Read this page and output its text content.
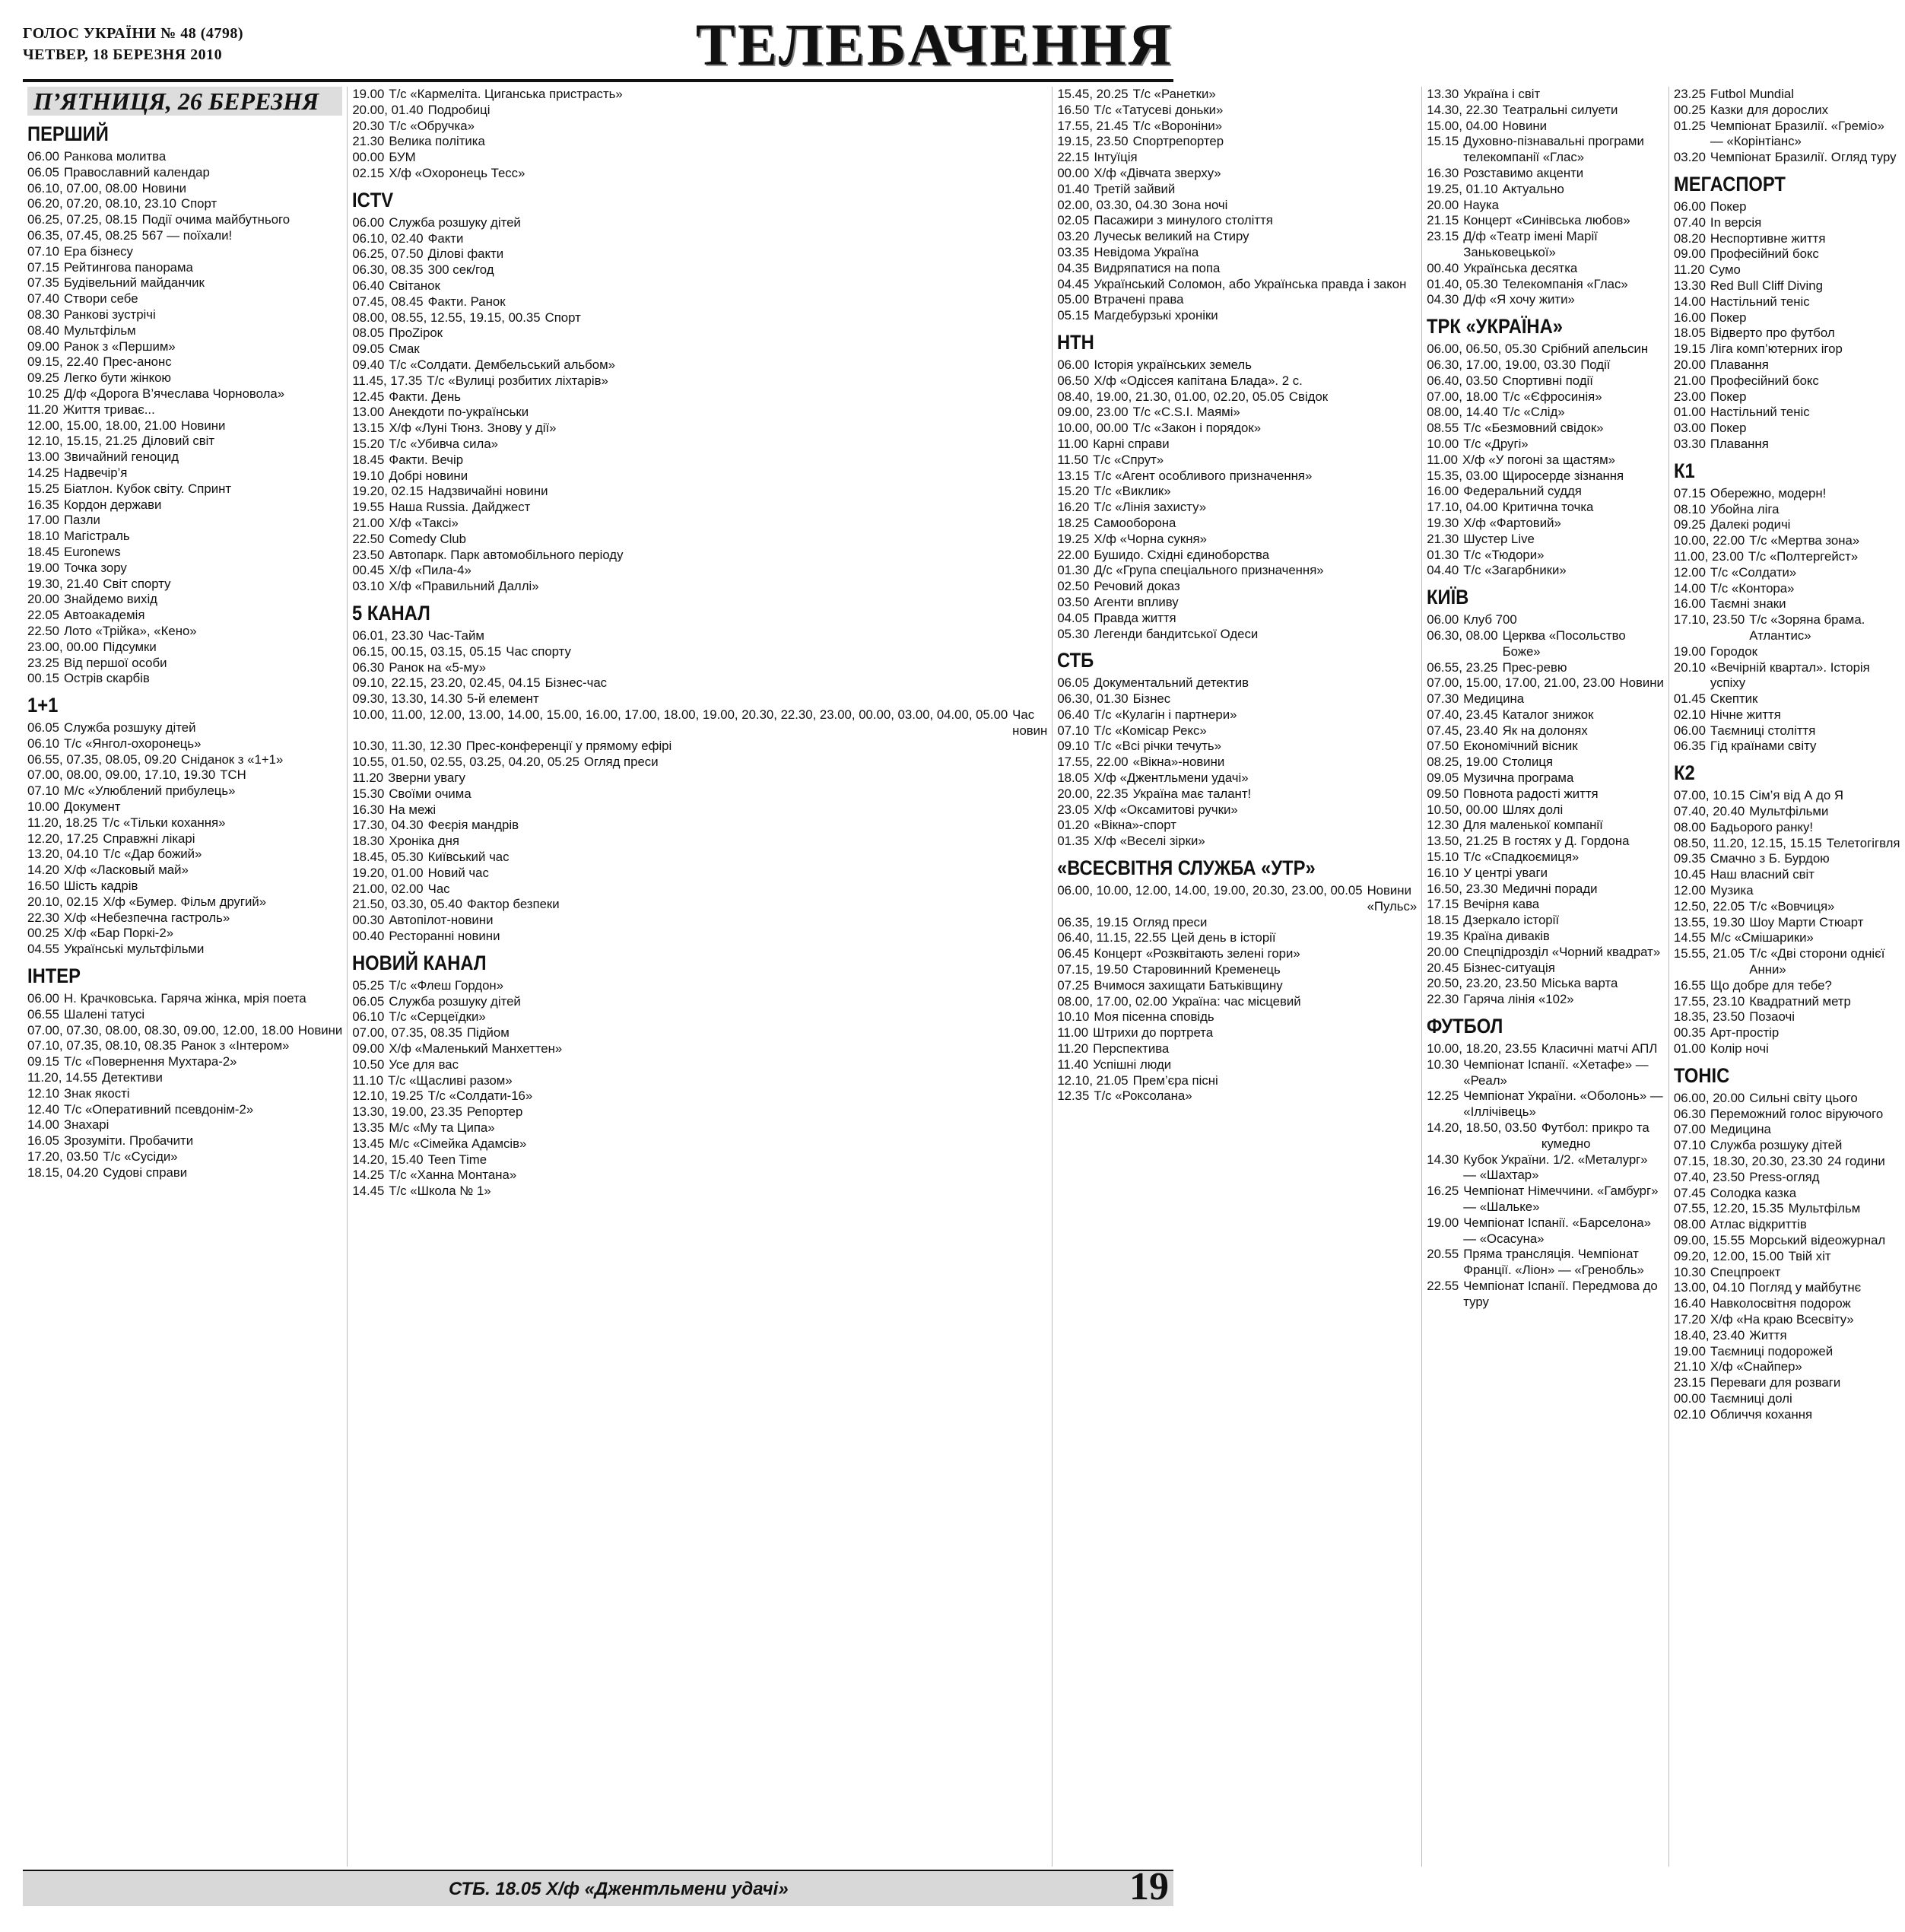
ГОЛОС УКРАЇНИ № 48 (4798)
ЧЕТВЕР, 18 БЕРЕЗНЯ 2010	ТЕЛЕБАЧЕННЯ
П’ЯТНИЦЯ, 26 БЕРЕЗНЯ
ПЕРШИЙ
06.00 Ранкова молитва
06.05 Православний календар
06.10, 07.00, 08.00 Новини
06.20, 07.20, 08.10, 23.10 Спорт
06.25, 07.25, 08.15 Події очима майбутнього
06.35, 07.45, 08.25 567 — поїхали!
07.10 Ера бізнесу
07.15 Рейтингова панорама
07.35 Будівельний майданчик
07.40 Створи себе
08.30 Ранкові зустрічі
08.40 Мультфільм
09.00 Ранок з «Першим»
09.15, 22.40 Прес-анонс
09.25 Легко бути жінкою
10.25 Д/ф «Дорога В’ячеслава Чорновола»
11.20 Життя триває...
12.00, 15.00, 18.00, 21.00 Новини
12.10, 15.15, 21.25 Діловий світ
13.00 Звичайний геноцид
14.25 Надвечір’я
15.25 Біатлон. Кубок світу. Спринт
16.35 Кордон держави
17.00 Пазли
18.10 Магістраль
18.45 Euronews
19.00 Точка зору
19.30, 21.40 Світ спорту
20.00 Знайдемо вихід
22.05 Автоакадемія
22.50 Лото «Трійка», «Кено»
23.00, 00.00 Підсумки
23.25 Від першої особи
00.15 Острів скарбів
1+1
06.05 Служба розшуку дітей
06.10 Т/с «Янгол-охоронець»
06.55, 07.35, 08.05, 09.20 Сніданок з «1+1»
07.00, 08.00, 09.00, 17.10, 19.30 ТСН
07.10 М/с «Улюблений прибулець»
10.00 Документ
11.20, 18.25 Т/с «Тільки кохання»
12.20, 17.25 Справжні лікарі
13.20, 04.10 Т/с «Дар божий»
14.20 Х/ф «Ласковый май»
16.50 Шість кадрів
20.10, 02.15 Х/ф «Бумер. Фільм другий»
22.30 Х/ф «Небезпечна гастроль»
00.25 Х/ф «Бар Поркі-2»
04.55 Українські мультфільми
ІНТЕР
06.00 Н. Крачковська. Гаряча жінка, мрія поета
06.55 Шалені татусі
07.00, 07.30, 08.00, 08.30, 09.00, 12.00, 18.00 Новини
07.10, 07.35, 08.10, 08.35 Ранок з «Інтером»
09.15 Т/с «Повернення Мухтара-2»
11.20, 14.55 Детективи
12.10 Знак якості
12.40 Т/с «Оперативний псевдонім-2»
14.00 Знахарі
16.05 Зрозуміти. Пробачити
17.20, 03.50 Т/с «Сусіди»
18.15, 04.20 Судові справи
19.00 Т/с «Кармеліта. Циганська пристрасть»
20.00, 01.40 Подробиці
20.30 Т/с «Обручка»
21.30 Велика політика
00.00 БУМ
02.15 Х/ф «Охоронець Тесс»
ICTV
06.00 Служба розшуку дітей
06.10, 02.40 Факти
06.25, 07.50 Ділові факти
06.30, 08.35 300 сек/год
06.40 Світанок
07.45, 08.45 Факти. Ранок
08.00, 08.55, 12.55, 19.15, 00.35 Спорт
08.05 ПроZірок
09.05 Смак
09.40 Т/с «Солдати. Дембельський альбом»
11.45, 17.35 Т/с «Вулиці розбитих ліхтарів»
12.45 Факти. День
13.00 Анекдоти по-українськи
13.15 Х/ф «Луні Тюнз. Знову у дії»
15.20 Т/с «Убивча сила»
18.45 Факти. Вечір
19.10 Добрі новини
19.20, 02.15 Надзвичайні новини
19.55 Наша Russia. Дайджест
21.00 Х/ф «Таксі»
22.50 Comedy Club
23.50 Автопарк. Парк автомобільного періоду
00.45 Х/ф «Пила-4»
03.10 Х/ф «Правильний Даллі»
5 КАНАЛ
06.01, 23.30 Час-Тайм
06.15, 00.15, 03.15, 05.15 Час спорту
06.30 Ранок на «5-му»
09.10, 22.15, 23.20, 02.45, 04.15 Бізнес-час
09.30, 13.30, 14.30 5-й елемент
10.00, 11.00, 12.00, 13.00, 14.00, 15.00, 16.00, 17.00, 18.00, 19.00, 20.30, 22.30, 23.00, 00.00, 03.00, 04.00, 05.00 Час новин
10.30, 11.30, 12.30 Прес-конференції у прямому ефірі
10.55, 01.50, 02.55, 03.25, 04.20, 05.25 Огляд преси
11.20 Зверни увагу
15.30 Своїми очима
16.30 На межі
17.30, 04.30 Феєрія мандрів
18.30 Хроніка дня
18.45, 05.30 Київський час
19.20, 01.00 Новий час
21.00, 02.00 Час
21.50, 03.30, 05.40 Фактор безпеки
00.30 Автопілот-новини
00.40 Ресторанні новини
НОВИЙ КАНАЛ
05.25 Т/с «Флеш Гордон»
06.05 Служба розшуку дітей
06.10 Т/с «Серцеїдки»
07.00, 07.35, 08.35 Підйом
09.00 Х/ф «Маленький Манхеттен»
10.50 Усе для вас
11.10 Т/с «Щасливі разом»
12.10, 19.25 Т/с «Солдати-16»
13.30, 19.00, 23.35 Репортер
13.35 М/с «Му та Ципа»
13.45 М/с «Сімейка Адамсів»
14.20, 15.40 Teen Time
14.25 Т/с «Ханна Монтана»
14.45 Т/с «Школа № 1»
15.45, 20.25 Т/с «Ранетки»
16.50 Т/с «Татусеві доньки»
17.55, 21.45 Т/с «Вороніни»
19.15, 23.50 Спортрепортер
22.15 Інтуїція
00.00 Х/ф «Дівчата зверху»
01.40 Третій зайвий
02.00, 03.30, 04.30 Зона ночі
02.05 Пасажири з минулого століття
03.20 Лучеськ великий на Стиру
03.35 Невідома Україна
04.35 Видряпатися на попа
04.45 Український Соломон, або Українська правда і закон
05.00 Втрачені права
05.15 Магдебурзькі хроніки
НТН
06.00 Історія українських земель
06.50 Х/ф «Одіссея капітана Блада». 2 с.
08.40, 19.00, 21.30, 01.00, 02.20, 05.05 Свідок
09.00, 23.00 Т/с «C.S.I. Маямі»
10.00, 00.00 Т/с «Закон і порядок»
11.00 Карні справи
11.50 Т/с «Спрут»
13.15 Т/с «Агент особливого призначення»
15.20 Т/с «Виклик»
16.20 Т/с «Лінія захисту»
18.25 Самооборона
19.25 Х/ф «Чорна сукня»
22.00 Бушидо. Східні єдиноборства
01.30 Д/с «Група спеціального призначення»
02.50 Речовий доказ
03.50 Агенти впливу
04.05 Правда життя
05.30 Легенди бандитської Одеси
СТБ
06.05 Документальний детектив
06.30, 01.30 Бізнес
06.40 Т/с «Кулагін і партнери»
07.10 Т/с «Комісар Рекс»
09.10 Т/с «Всі річки течуть»
17.55, 22.00 «Вікна»-новини
18.05 Х/ф «Джентльмени удачі»
20.00, 22.35 Україна має талант!
23.05 Х/ф «Оксамитові ручки»
01.20 «Вікна»-спорт
01.35 Х/ф «Веселі зірки»
«ВСЕСВІТНЯ СЛУЖБА «УТР»
06.00, 10.00, 12.00, 14.00, 19.00, 20.30, 23.00, 00.05 Новини «Пульс»
06.35, 19.15 Огляд преси
06.40, 11.15, 22.55 Цей день в історії
06.45 Концерт «Розквітають зелені гори»
07.15, 19.50 Старовинний Кременець
07.25 Вчимося захищати Батьківщину
08.00, 17.00, 02.00 Україна: час місцевий
10.10 Моя пісенна сповідь
11.00 Штрихи до портрета
11.20 Перспектива
11.40 Успішні люди
12.10, 21.05 Прем’єра пісні
12.35 Т/с «Роксолана»
13.30 Україна і світ
14.30, 22.30 Театральні силуети
15.00, 04.00 Новини
15.15 Духовно-пізнавальні програми телекомпанії «Глас»
16.30 Розставимо акценти
19.25, 01.10 Актуально
20.00 Наука
21.15 Концерт «Синівська любов»
23.15 Д/ф «Театр імені Марії Заньковецької»
00.40 Українська десятка
01.40, 05.30 Телекомпанія «Глас»
04.30 Д/ф «Я хочу жити»
ТРК «УКРАЇНА»
06.00, 06.50, 05.30 Срібний апельсин
06.30, 17.00, 19.00, 03.30 Події
06.40, 03.50 Спортивні події
07.00, 18.00 Т/с «Єфросинія»
08.00, 14.40 Т/с «Слід»
08.55 Т/с «Безмовний свідок»
10.00 Т/с «Другі»
11.00 Х/ф «У погоні за щастям»
15.35, 03.00 Щиросерде зізнання
16.00 Федеральний суддя
17.10, 04.00 Критична точка
19.30 Х/ф «Фартовий»
21.30 Шустер Live
01.30 Т/с «Тюдори»
04.40 Т/с «Загарбники»
КИЇВ
06.00 Клуб 700
06.30, 08.00 Церква «Посольство Боже»
06.55, 23.25 Прес-ревю
07.00, 15.00, 17.00, 21.00, 23.00 Новини
07.30 Медицина
07.40, 23.45 Каталог знижок
07.45, 23.40 Як на долонях
07.50 Економічний вісник
08.25, 19.00 Столиця
09.05 Музична програма
09.50 Повнота радості життя
10.50, 00.00 Шлях долі
12.30 Для маленької компанії
13.50, 21.25 В гостях у Д. Гордона
15.10 Т/с «Спадкоємиця»
16.10 У центрі уваги
16.50, 23.30 Медичні поради
17.15 Вечірня кава
18.15 Дзеркало історії
19.35 Країна диваків
20.00 Спецпідрозділ «Чорний квадрат»
20.45 Бізнес-ситуація
20.50, 23.20, 23.50 Міська варта
22.30 Гаряча лінія «102»
ФУТБОЛ
10.00, 18.20, 23.55 Класичні матчі АПЛ
10.30 Чемпіонат Іспанії. «Хетафе» — «Реал»
12.25 Чемпіонат України. «Оболонь» — «Іллічівець»
14.20, 18.50, 03.50 Футбол: прикро та кумедно
14.30 Кубок України. 1/2. «Металург» — «Шахтар»
16.25 Чемпіонат Німеччини. «Гамбург» — «Шальке»
19.00 Чемпіонат Іспанії. «Барселона» — «Осасуна»
20.55 Пряма трансляція. Чемпіонат Франції. «Ліон» — «Гренобль»
22.55 Чемпіонат Іспанії. Передмова до туру
23.25 Futbol Mundial
00.25 Казки для дорослих
01.25 Чемпіонат Бразилії. «Греміо» — «Корінтіанс»
03.20 Чемпіонат Бразилії. Огляд туру
МЕГАСПОРТ
06.00 Покер
07.40 In версія
08.20 Неспортивне життя
09.00 Професійний бокс
11.20 Сумо
13.30 Red Bull Cliff Diving
14.00 Настільний теніс
16.00 Покер
18.05 Відверто про футбол
19.15 Ліга комп’ютерних ігор
20.00 Плавання
21.00 Професійний бокс
23.00 Покер
01.00 Настільний теніс
03.00 Покер
03.30 Плавання
К1
07.15 Обережно, модерн!
08.10 Убойна ліга
09.25 Далекі родичі
10.00, 22.00 Т/с «Мертва зона»
11.00, 23.00 Т/с «Полтергейст»
12.00 Т/с «Солдати»
14.00 Т/с «Контора»
16.00 Таємні знаки
17.10, 23.50 Т/с «Зоряна брама. Атлантис»
19.00 Городок
20.10 «Вечірній квартал». Історія успіху
01.45 Скептик
02.10 Нічне життя
06.00 Таємниці століття
06.35 Гід країнами світу
К2
07.00, 10.15 Сім’я від А до Я
07.40, 20.40 Мультфільми
08.00 Бадьорого ранку!
08.50, 11.20, 12.15, 15.15 Телетогігвля
09.35 Смачно з Б. Бурдою
10.45 Наш власний світ
12.00 Музика
12.50, 22.05 Т/с «Вовчиця»
13.55, 19.30 Шоу Марти Стюарт
14.55 М/с «Смішарики»
15.55, 21.05 Т/с «Дві сторони однієї Анни»
16.55 Що добре для тебе?
17.55, 23.10 Квадратний метр
18.35, 23.50 Позаочі
00.35 Арт-простір
01.00 Колір ночі
ТОНІС
06.00, 20.00 Сильні світу цього
06.30 Переможний голос віруючого
07.00 Медицина
07.10 Служба розшуку дітей
07.15, 18.30, 20.30, 23.30 24 години
07.40, 23.50 Press-огляд
07.45 Солодка казка
07.55, 12.20, 15.35 Мультфільм
08.00 Атлас відкриттів
09.00, 15.55 Морський відеожурнал
09.20, 12.00, 15.00 Твій хіт
10.30 Спецпроект
13.00, 04.10 Погляд у майбутнє
16.40 Навколосвітня подорож
17.20 Х/ф «На краю Всесвіту»
18.40, 23.40 Життя
19.00 Таємниці подорожей
21.10 Х/ф «Снайпер»
23.15 Переваги для розваги
00.00 Таємниці долі
02.10 Обличчя кохання
СТБ. 18.05 Х/ф «Джентльмени удачі»	19
